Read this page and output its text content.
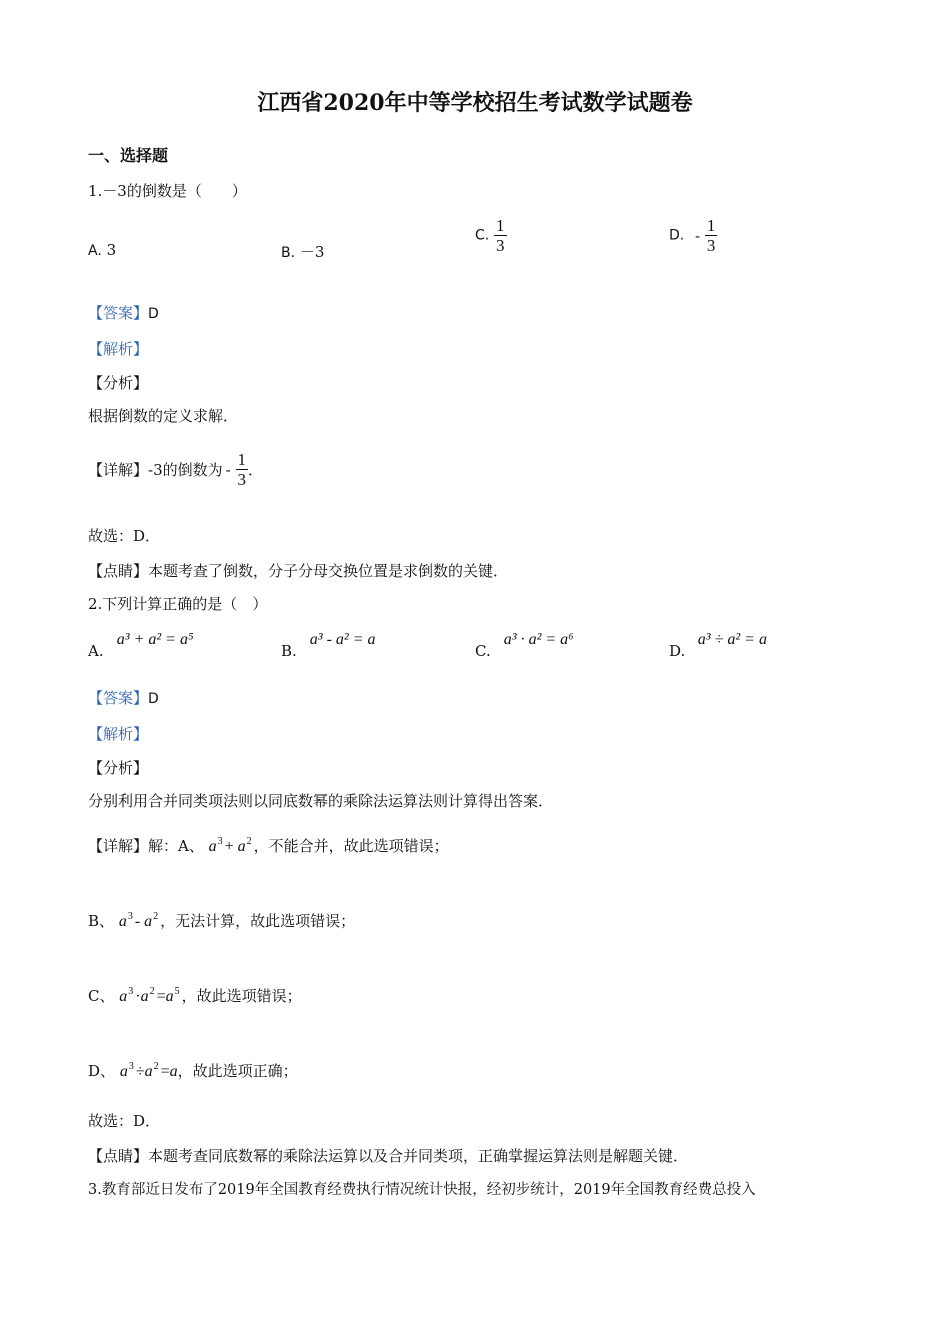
江西省2020年中等学校招生考试数学试题卷
一、选择题
1.－3的倒数是（　　）
A. 3	B. －3
C. $\frac{1}{3}$	D. - $\frac{1}{3}$
【答案】D
【解析】
【分析】
根据倒数的定义求解．
【详解】-3的倒数为 - $\frac{1}{3}$ ．
故选：D．
【点睛】本题考查了倒数，分子分母交换位置是求倒数的关键．
2.下列计算正确的是（　）
A. a³ + a² = a⁵
B. a³ - a² = a
C. a³ · a² = a⁶
D. a³ ÷ a² = a
【答案】D
【解析】
【分析】
分别利用合并同类项法则以同底数幂的乘除法运算法则计算得出答案．
【详解】解：A、 $a^3 + a^2$ ，不能合并，故此选项错误；
B、 $a^3 - a^2$ ，无法计算，故此选项错误；
C、 $a^3 \cdot a^2 =a^5$ ，故此选项错误；
D、 $a^3 \div a^2 =a$，故此选项正确；
故选：D．
【点睛】本题考查同底数幂的乘除法运算以及合并同类项，正确掌握运算法则是解题关键．
3.教育部近日发布了2019年全国教育经费执行情况统计快报，经初步统计，2019年全国教育经费总投入
